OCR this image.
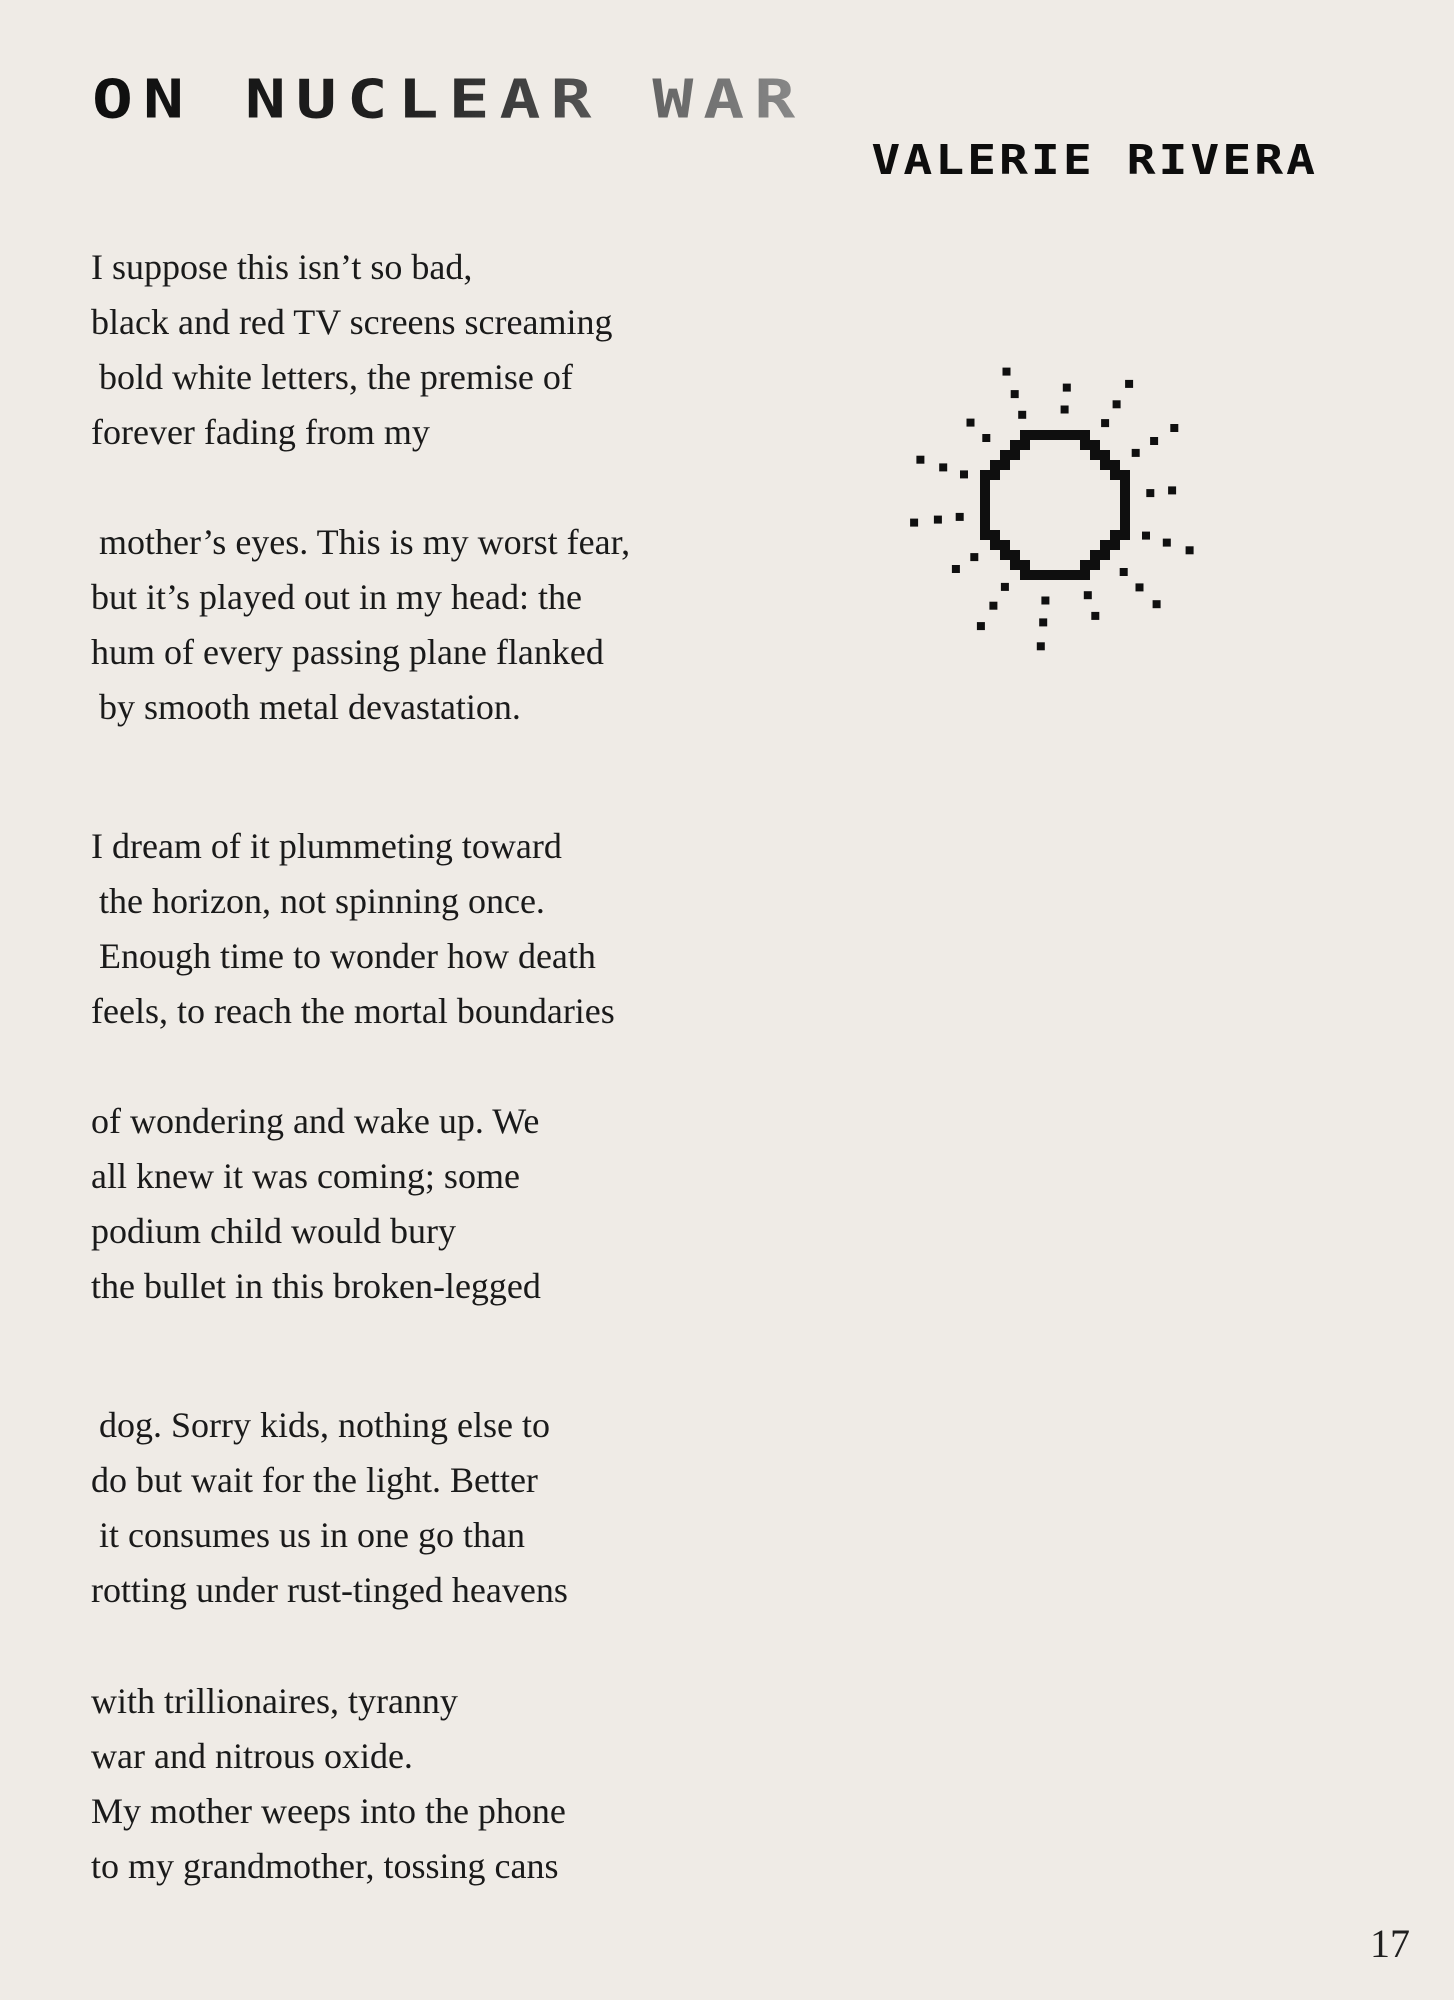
ON NUCLEAR WAR
VALERIE RIVERA
I suppose this isn’t so bad,
black and red TV screens screaming
bold white letters, the premise of
forever fading from my
mother’s eyes. This is my worst fear,
but it’s played out in my head: the
hum of every passing plane flanked
by smooth metal devastation.
I dream of it plummeting toward
the horizon, not spinning once.
Enough time to wonder how death
feels, to reach the mortal boundaries
of wondering and wake up. We
all knew it was coming; some
podium child would bury
the bullet in this broken-legged
dog. Sorry kids, nothing else to
do but wait for the light. Better
it consumes us in one go than
rotting under rust-tinged heavens
with trillionaires, tyranny
war and nitrous oxide.
My mother weeps into the phone
to my grandmother, tossing cans
17
